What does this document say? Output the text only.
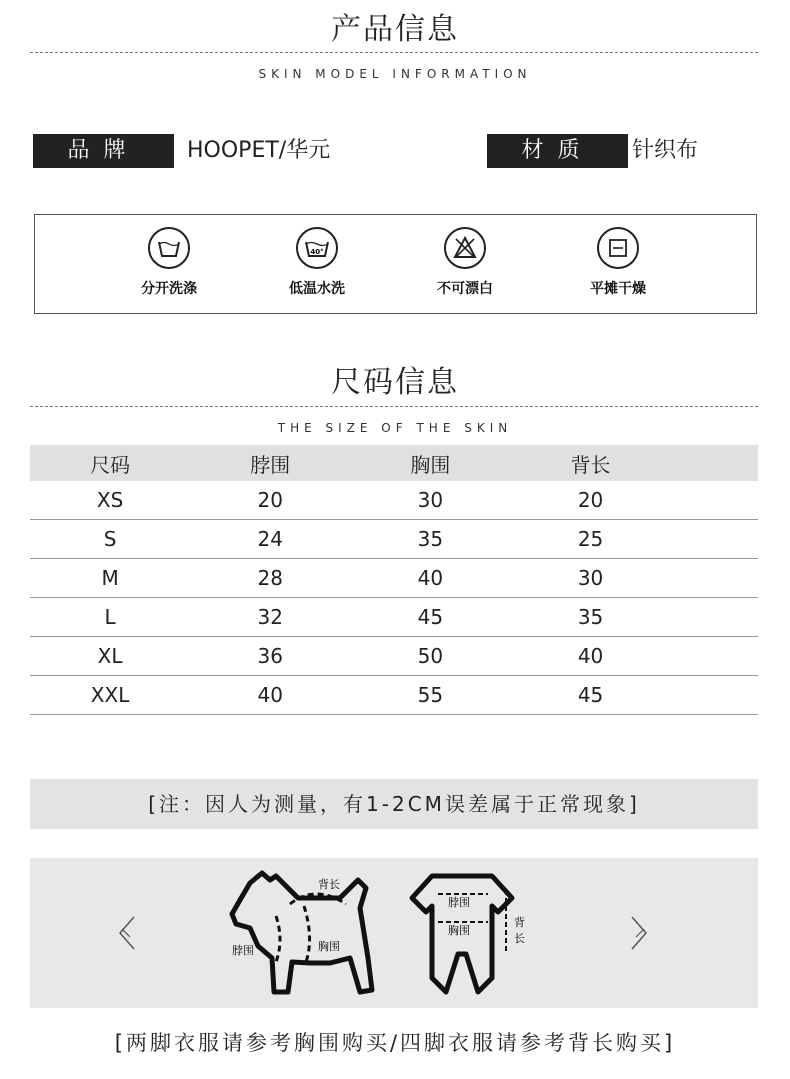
产品信息
SKIN MODEL INFORMATION
品牌	HOOPET/华元	材质	针织布
分开洗涤
40°
低温水洗	不可漂白	平摊干燥
尺码信息
THE SIZE OF THE SKIN
尺码	脖围	胸围	背长	
XS	20	30	20	
S	24	35	25	
M	28	40	30	
L	32	45	35	
XL	36	50	40	
XXL	40	55	45	
[注：因人为测量，有1-2CM误差属于正常现象]
背长
脖围	胸围
脖围
胸围
背
长
[两脚衣服请参考胸围购买/四脚衣服请参考背长购买]
